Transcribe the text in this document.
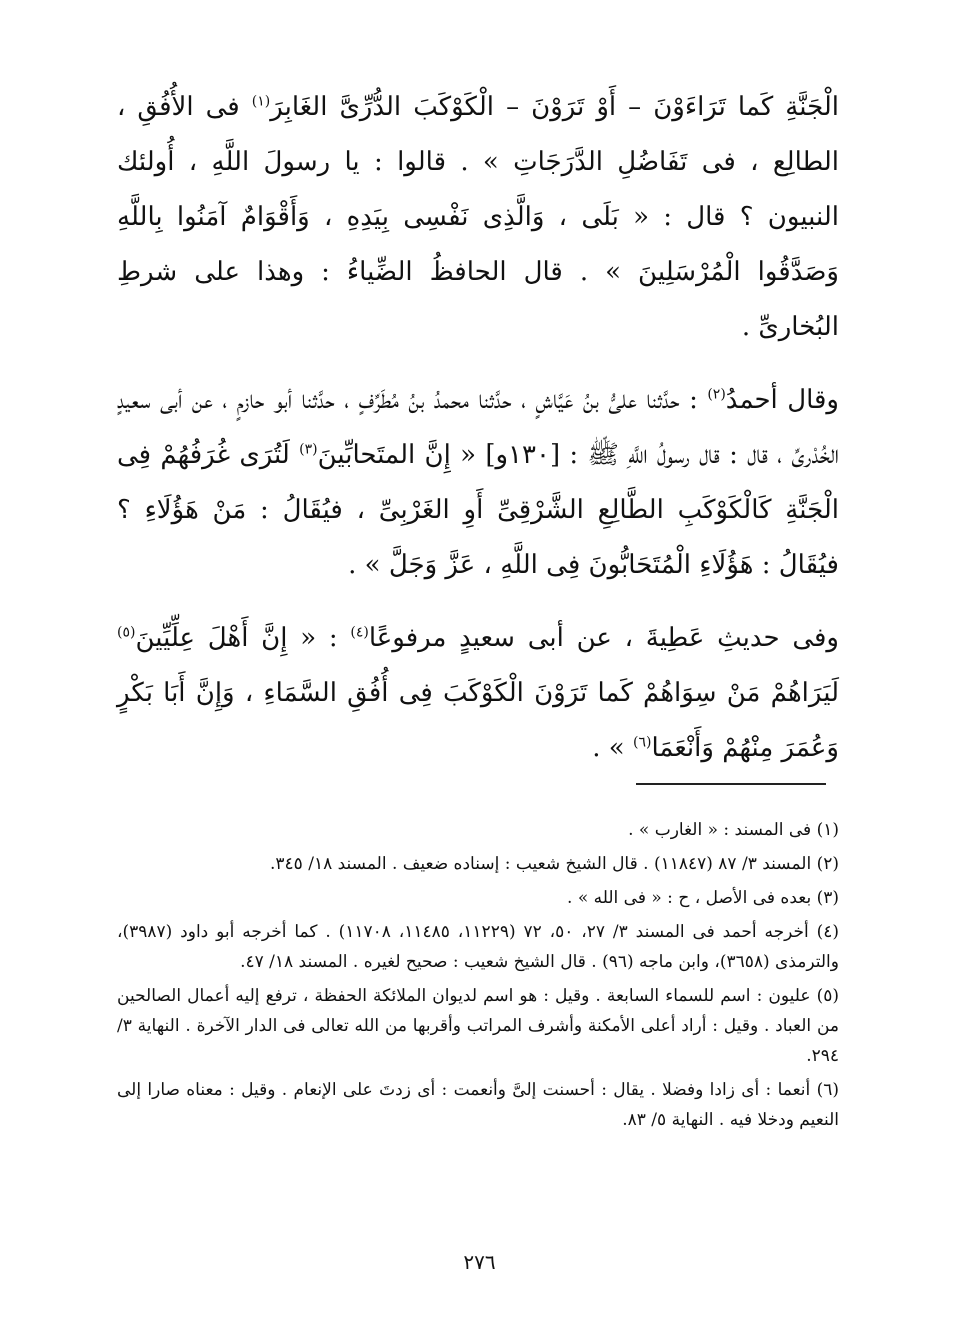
الْجَنَّةِ كَما تَرَاءَوْنَ – أَوْ تَرَوْنَ – الْكَوْكَبَ الدُّرِّىَّ الغَابِرَ$^{(١)}$ فى الأُفُقِ ، الطالِع ، فى تَفَاضُلِ الدَّرَجَاتِ » . قالوا : يا رسولَ اللَّهِ ، أُولئك النبيون ؟ قال : « بَلَى ، وَالَّذِى نَفْسِى بِيَدِهِ ، وَأَقْوَامٌ آمَنُوا بِاللَّهِ وَصَدَّقُوا الْمُرْسَلِينَ » . قال الحافظُ الضِّياءُ : وهذا على شرطِ البُخارىِّ .

وقال أحمدُ$^{(٢)}$ : حدَّثنا علىُّ بنُ عَيَّاشٍ ، حدَّثنا محمدُ بنُ مُطَرِّفٍ ، حدَّثنا أبو حازمٍ ، عن أبى سعيدٍ الخُدْرىِّ ، قال : قال رسولُ اللَّهِ ﷺ : [١٣٠و] « إِنَّ المتَحابِّينَ$^{(٣)}$ لَتُرَى غُرَفُهُمْ فِى الْجَنَّةِ كَالْكَوْكَبِ الطَّالِعِ الشَّرْقِىِّ أَوِ الغَرْبِىِّ ، فيُقَالُ : مَنْ هَؤُلَاءِ ؟ فيُقَالُ : هَؤُلَاءِ الْمُتَحَابُّونَ فِى اللَّهِ ، عَزَّ وَجَلَّ » .

وفى حديثِ عَطِيةَ ، عن أبى سعيدٍ مرفوعًا$^{(٤)}$ : « إِنَّ أَهْلَ عِلِّيِّينَ$^{(٥)}$ لَيَرَاهُمْ مَنْ سِوَاهُمْ كَما تَرَوْنَ الْكَوْكَبَ فِى أُفُقِ السَّمَاءِ ، وَإِنَّ أَبَا بَكْرٍ وَعُمَرَ مِنْهُمْ وَأَنْعَمَا$^{(٦)}$ » .

(١) فى المسند : « الغارب » .

(٢) المسند ٣/ ٨٧ (١١٨٤٧) . قال الشيخ شعيب : إسناده ضعيف . المسند ١٨/ ٣٤٥.

(٣) بعده فى الأصل ، ح : « فى الله » .

(٤) أخرجه أحمد فى المسند ٣/ ٢٧، ٥٠، ٧٢ (١١٢٢٩، ١١٤٨٥، ١١٧٠٨) . كما أخرجه أبو داود (٣٩٨٧)، والترمذى (٣٦٥٨)، وابن ماجه (٩٦) . قال الشيخ شعيب : صحيح لغيره . المسند ١٨/ ٤٧.

(٥) عليون : اسم للسماء السابعة . وقيل : هو اسم لديوان الملائكة الحفظة ، ترفع إليه أعمال الصالحين من العباد . وقيل : أراد أعلى الأمكنة وأشرف المراتب وأقربها من الله تعالى فى الدار الآخرة . النهاية ٣/ ٢٩٤.

(٦) أنعما : أى زادا وفضلا . يقال : أحسنت إلىَّ وأنعمت : أى زدتَ على الإنعام . وقيل : معناه صارا إلى النعيم ودخلا فيه . النهاية ٥/ ٨٣.

٢٧٦
